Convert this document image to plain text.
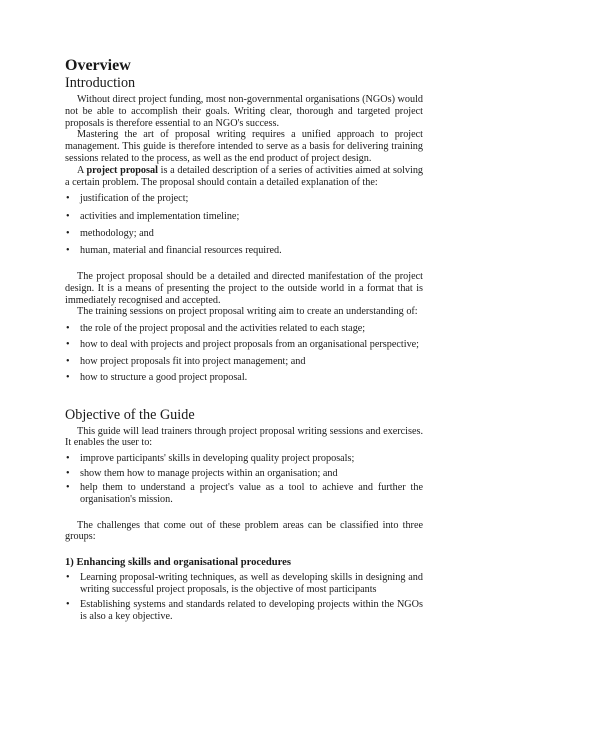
Overview
Introduction

Without direct project funding, most non-governmental organisations (NGOs) would not be able to accomplish their goals. Writing clear, thorough and targeted project proposals is therefore essential to an NGO's success.

Mastering the art of proposal writing requires a unified approach to project management. This guide is therefore intended to serve as a basis for delivering training sessions related to the process, as well as the end product of project design.

A project proposal is a detailed description of a series of activities aimed at solving a certain problem. The proposal should contain a detailed explanation of the:

• justification of the project;
• activities and implementation timeline;
• methodology; and
• human, material and financial resources required.

The project proposal should be a detailed and directed manifestation of the project design. It is a means of presenting the project to the outside world in a format that is immediately recognised and accepted.

The training sessions on project proposal writing aim to create an understanding of:

• the role of the project proposal and the activities related to each stage;
• how to deal with projects and project proposals from an organisational perspective;
• how project proposals fit into project management; and
• how to structure a good project proposal.
Objective of the Guide

This guide will lead trainers through project proposal writing sessions and exercises. It enables the user to:

• improve participants' skills in developing quality project proposals;
• show them how to manage projects within an organisation; and
• help them to understand a project's value as a tool to achieve and further the organisation's mission.

The challenges that come out of these problem areas can be classified into three groups:

1) Enhancing skills and organisational procedures
• Learning proposal-writing techniques, as well as developing skills in designing and writing successful project proposals, is the objective of most participants
• Establishing systems and standards related to developing projects within the NGOs is also a key objective.
